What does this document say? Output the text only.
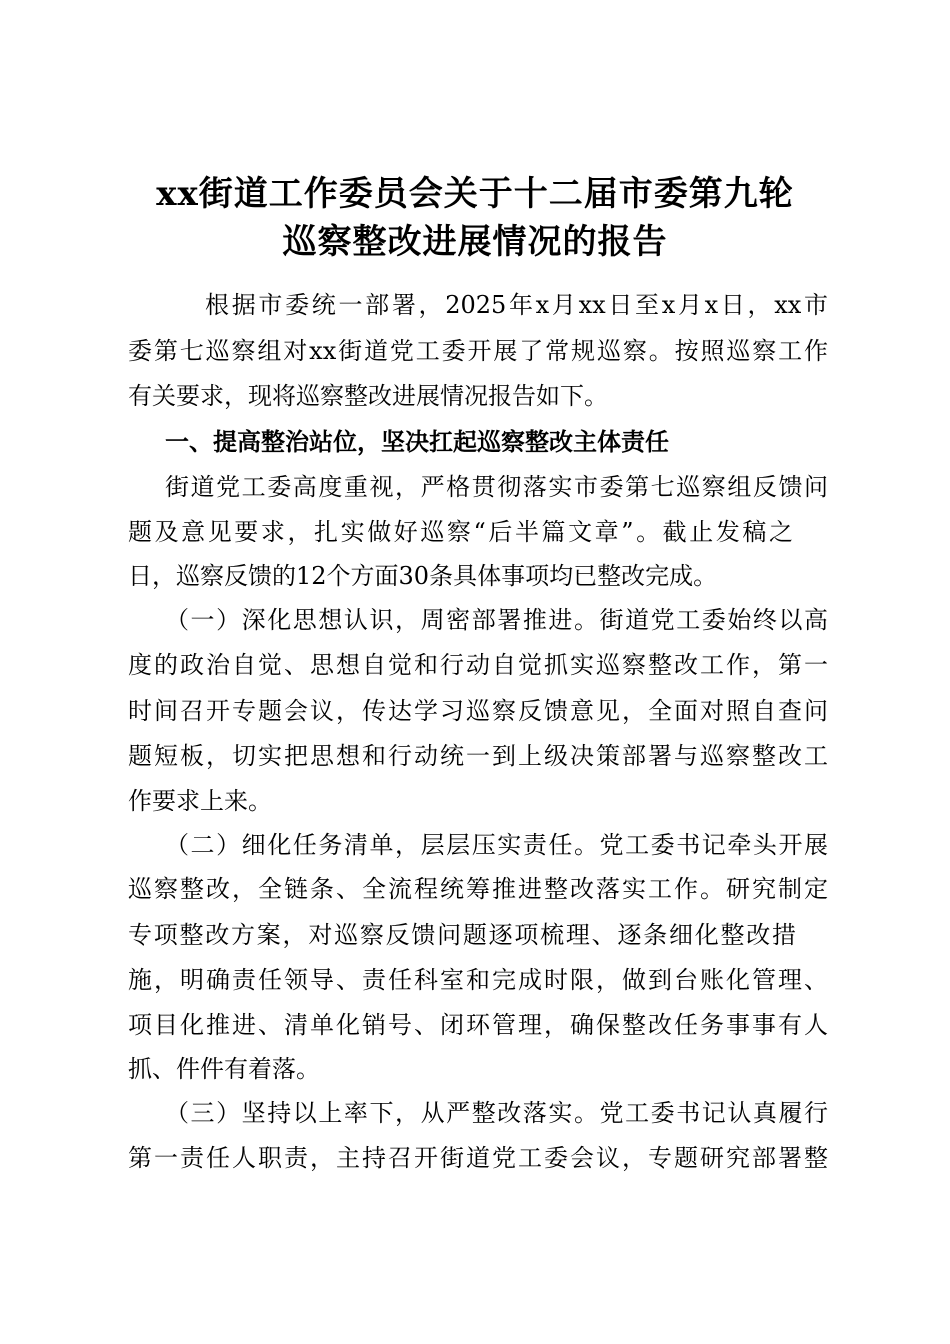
xx街道工作委员会关于十二届市委第九轮
巡察整改进展情况的报告

根据市委统一部署，2025年x月xx日至x月x日，xx市

委第七巡察组对xx街道党工委开展了常规巡察。按照巡察工作

有关要求，现将巡察整改进展情况报告如下。

一、提高整治站位，坚决扛起巡察整改主体责任

街道党工委高度重视，严格贯彻落实市委第七巡察组反馈问

题及意见要求，扎实做好巡察“后半篇文章”。截止发稿之

日，巡察反馈的12个方面30条具体事项均已整改完成。

（一）深化思想认识，周密部署推进。街道党工委始终以高

度的政治自觉、思想自觉和行动自觉抓实巡察整改工作，第一

时间召开专题会议，传达学习巡察反馈意见，全面对照自查问

题短板，切实把思想和行动统一到上级决策部署与巡察整改工

作要求上来。

（二）细化任务清单，层层压实责任。党工委书记牵头开展

巡察整改，全链条、全流程统筹推进整改落实工作。研究制定

专项整改方案，对巡察反馈问题逐项梳理、逐条细化整改措

施，明确责任领导、责任科室和完成时限，做到台账化管理、

项目化推进、清单化销号、闭环管理，确保整改任务事事有人

抓、件件有着落。

（三）坚持以上率下，从严整改落实。党工委书记认真履行

第一责任人职责，主持召开街道党工委会议，专题研究部署整
